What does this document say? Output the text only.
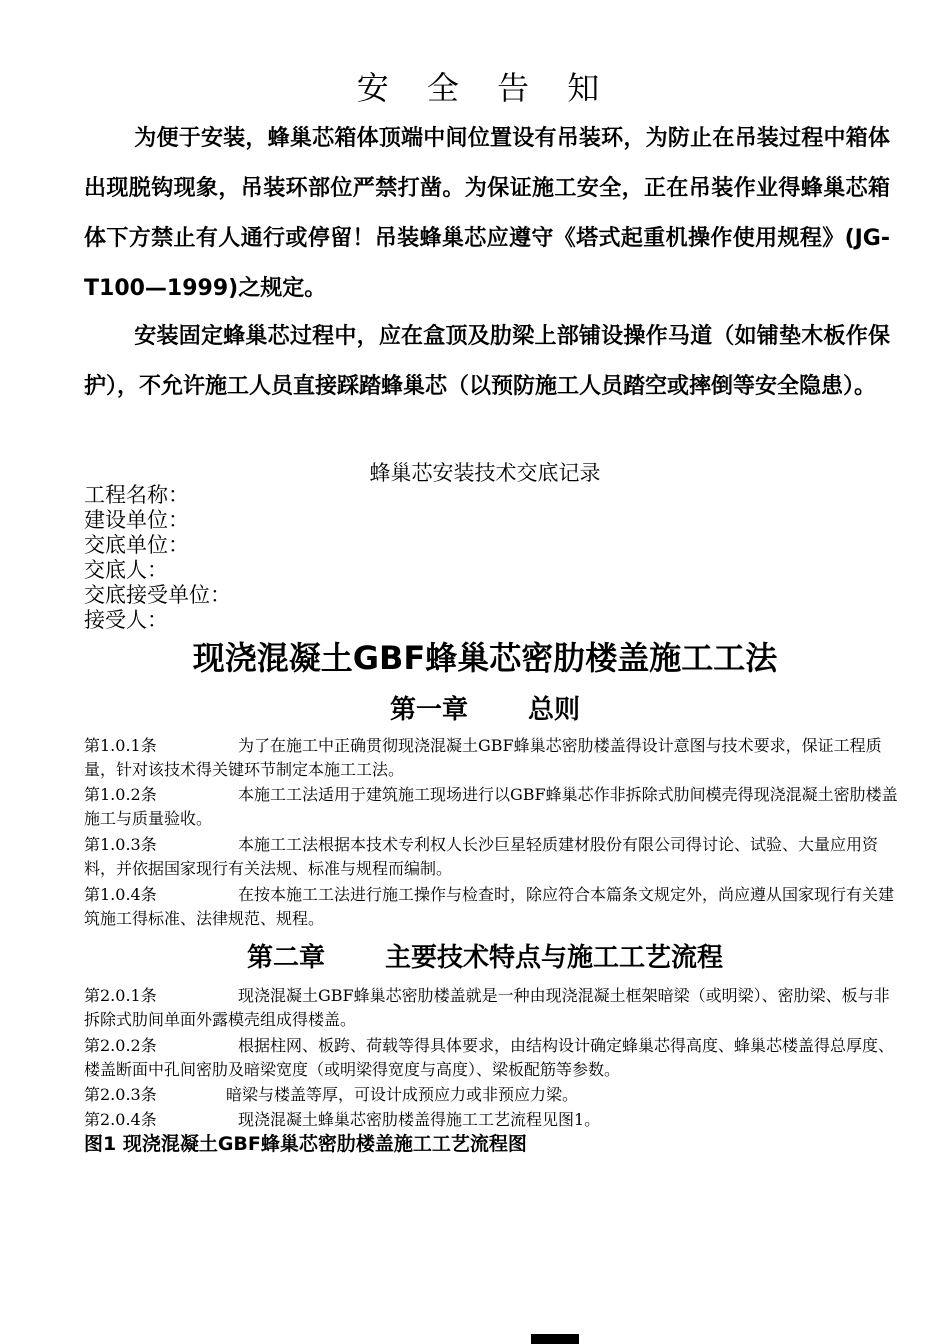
安 全 告 知
为便于安装，蜂巢芯箱体顶端中间位置设有吊装环，为防止在吊装过程中箱体出现脱钩现象，吊装环部位严禁打凿。为保证施工安全，正在吊装作业得蜂巢芯箱体下方禁止有人通行或停留！吊装蜂巢芯应遵守《塔式起重机操作使用规程》(JG-T100—1999)之规定。
安装固定蜂巢芯过程中，应在盒顶及肋梁上部铺设操作马道（如铺垫木板作保护），不允许施工人员直接踩踏蜂巢芯（以预防施工人员踏空或摔倒等安全隐患）。
蜂巢芯安装技术交底记录
工程名称：
建设单位：
交底单位：
交底人：
交底接受单位：
接受人：
现浇混凝土GBF蜂巢芯密肋楼盖施工工法
第一章 总则
第1.0.1条	为了在施工中正确贯彻现浇混凝土GBF蜂巢芯密肋楼盖得设计意图与技术要求，保证工程质量，针对该技术得关键环节制定本施工工法。
第1.0.2条	本施工工法适用于建筑施工现场进行以GBF蜂巢芯作非拆除式肋间模壳得现浇混凝土密肋楼盖施工与质量验收。
第1.0.3条	本施工工法根据本技术专利权人长沙巨星轻质建材股份有限公司得讨论、试验、大量应用资料，并依据国家现行有关法规、标准与规程而编制。
第1.0.4条	在按本施工工法进行施工操作与检查时，除应符合本篇条文规定外，尚应遵从国家现行有关建筑施工得标准、法律规范、规程。
第二章 主要技术特点与施工工艺流程
第2.0.1条	现浇混凝土GBF蜂巢芯密肋楼盖就是一种由现浇混凝土框架暗梁（或明梁）、密肋梁、板与非拆除式肋间单面外露模壳组成得楼盖。
第2.0.2条	根据柱网、板跨、荷载等得具体要求，由结构设计确定蜂巢芯得高度、蜂巢芯楼盖得总厚度、楼盖断面中孔间密肋及暗梁宽度（或明梁得宽度与高度）、梁板配筋等参数。
第2.0.3条	暗梁与楼盖等厚，可设计成预应力或非预应力梁。
第2.0.4条	现浇混凝土蜂巢芯密肋楼盖得施工工艺流程见图1。
图1 现浇混凝土GBF蜂巢芯密肋楼盖施工工艺流程图
